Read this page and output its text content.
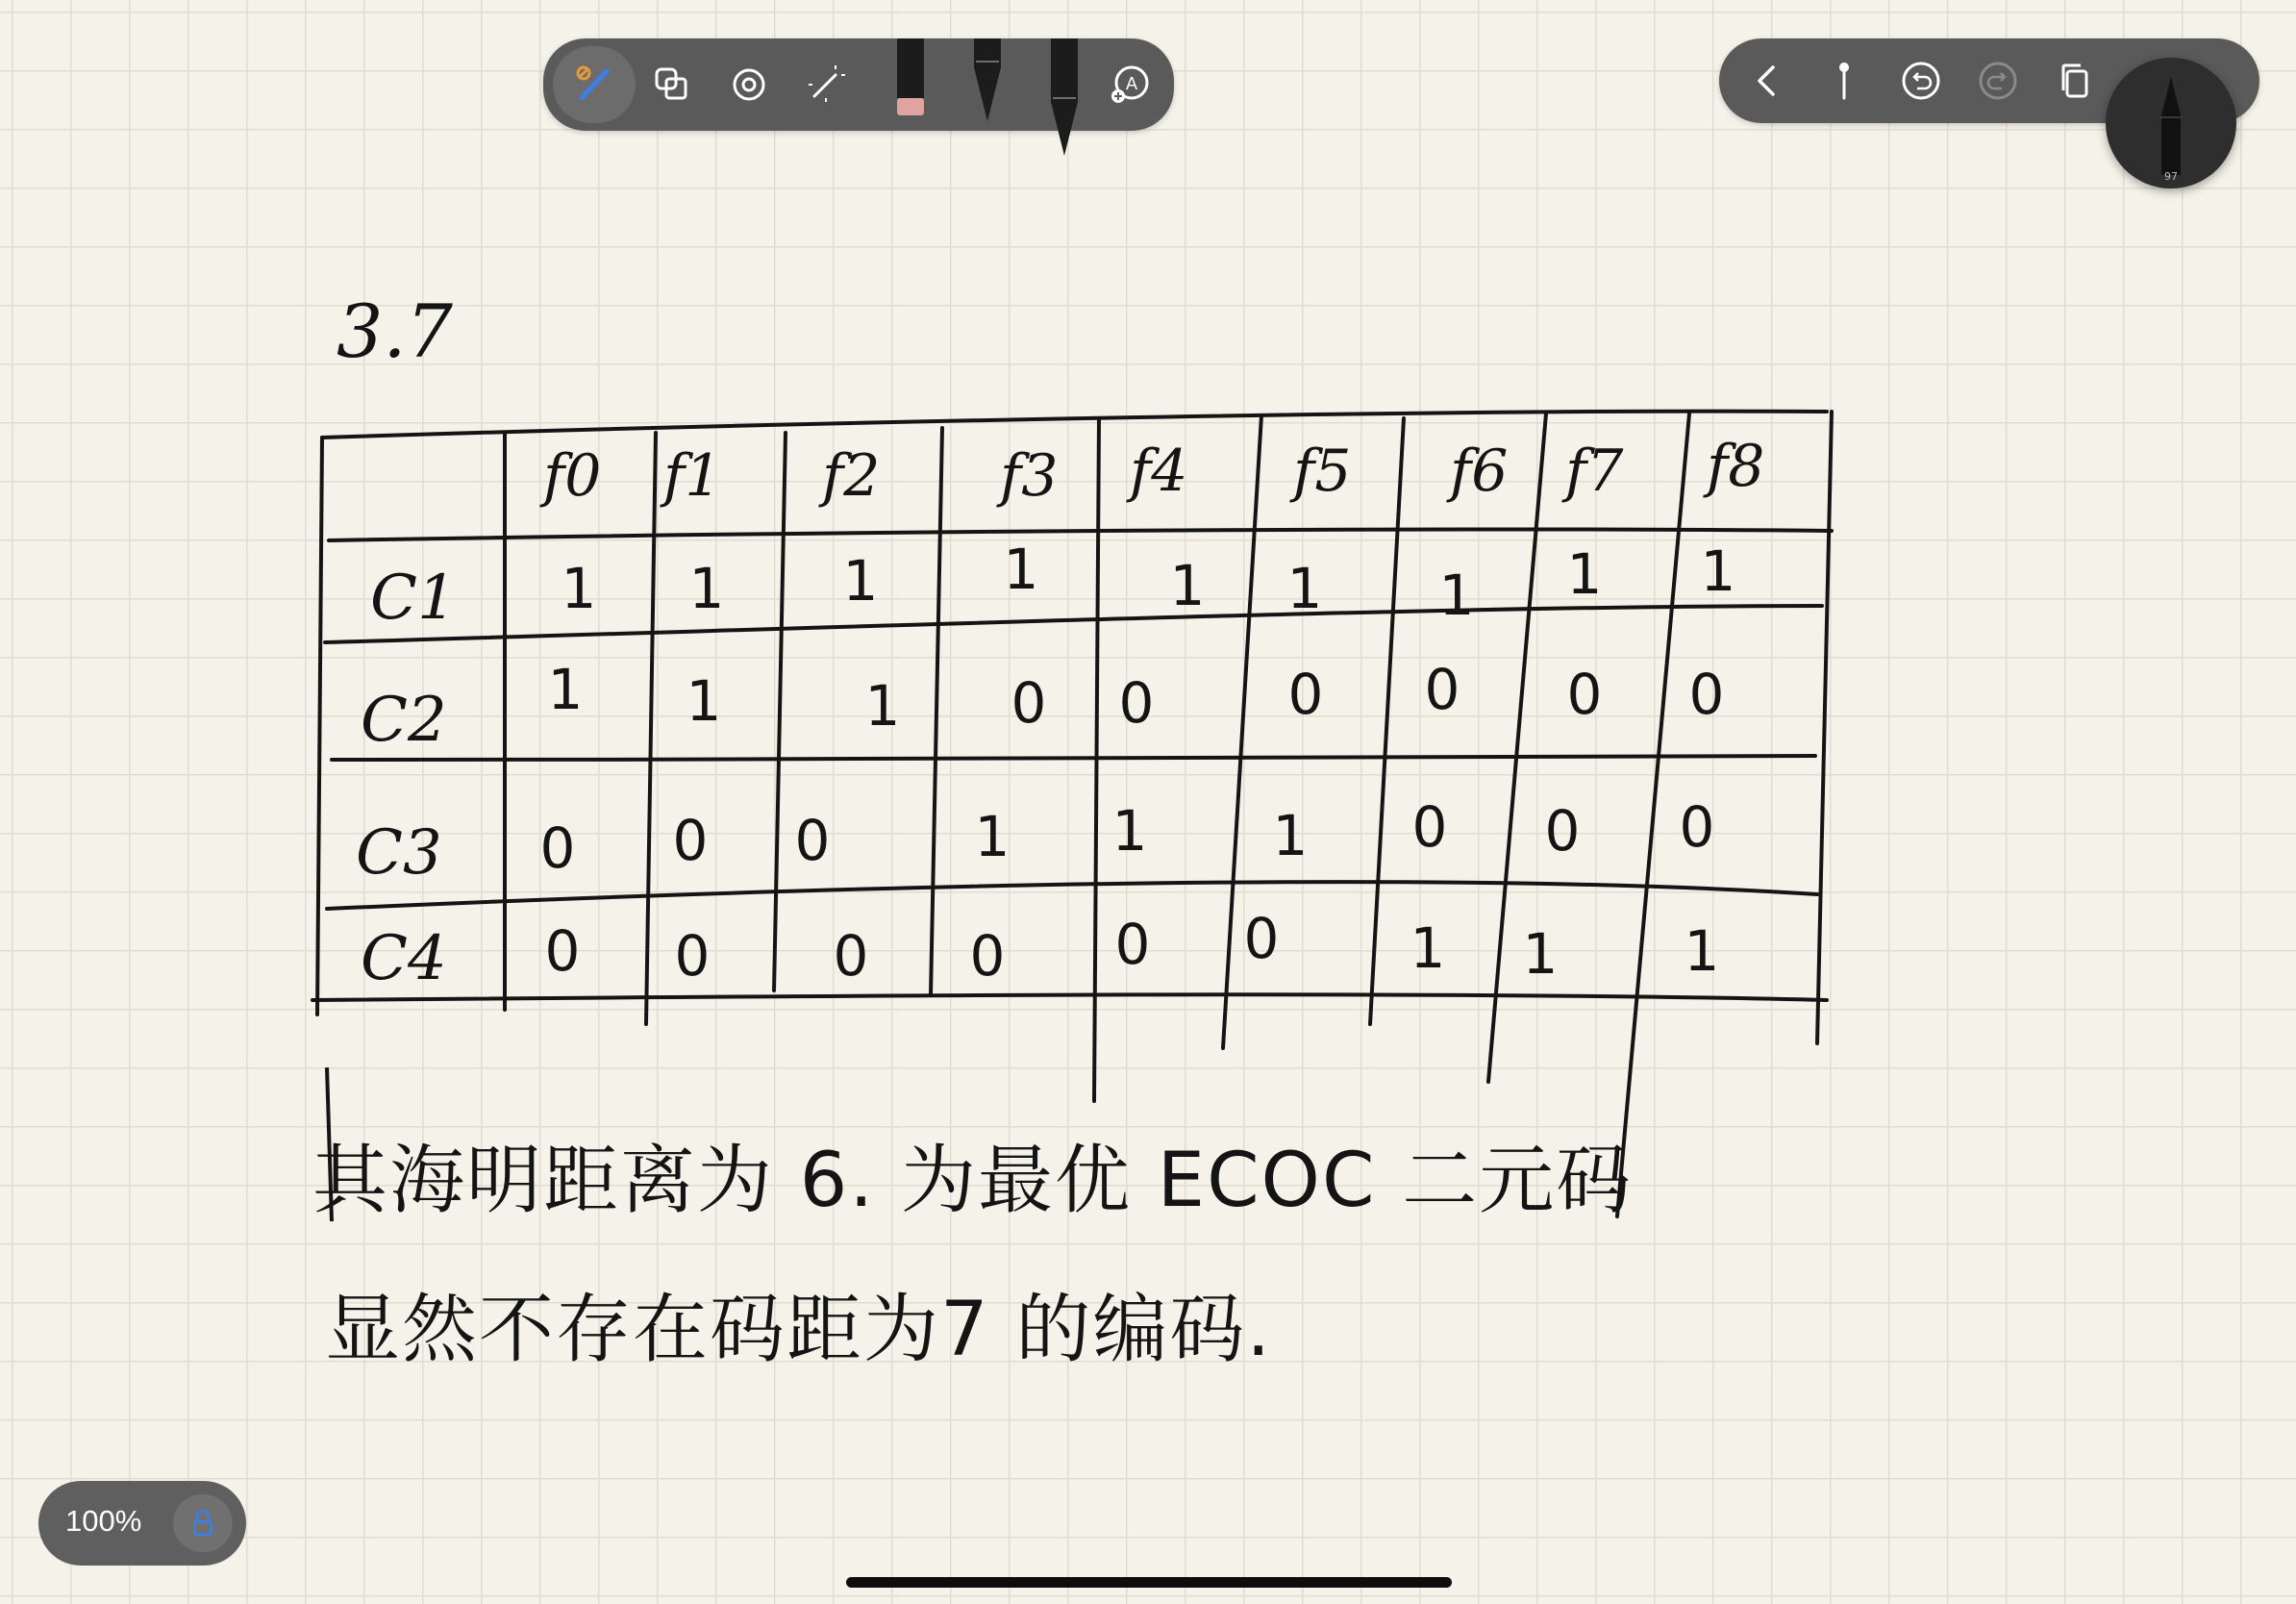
3.7
f0 f1 f2 f3 f4 f5 f6 f7 f8
C1
C2
C3
C4
1 1 1 1 1 1 1 1 1
1 1	1 0 0 0 0 0 0
0 0 0	1 1 1 0 0 0
0 0 0 0 0 0 1 1 1
其海明距离为 6. 为最优 ECOC 二元码
显然不存在码距为7 的编码.
A
97
100%
